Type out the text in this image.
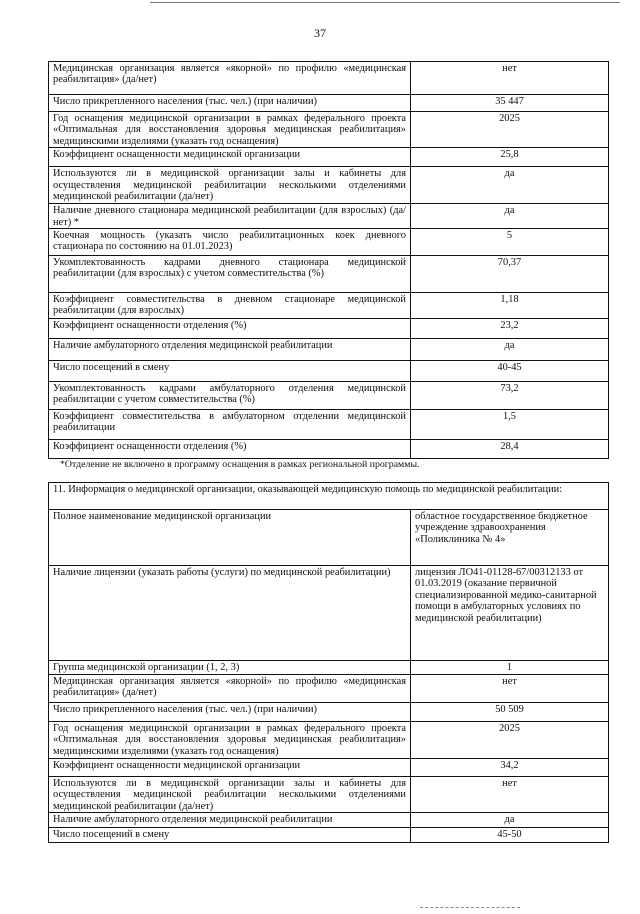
37
Медицинская организация является «якорной» по профилю «медицинская реабилитация» (да/нет)	нет
Число прикрепленного населения (тыс. чел.) (при наличии)	35 447
Год оснащения медицинской организации в рамках федерального проекта «Оптимальная для восстановления здоровья медицинская реабилитация» медицинскими изделиями (указать год оснащения)	2025
Коэффициент оснащенности медицинской организации	25,8
Используются ли в медицинской организации залы и кабинеты для осуществления медицинской реабилитации несколькими отделениями медицинской реабилитации (да/нет)	да
Наличие дневного стационара медицинской реабилитации (для взрослых) (да/нет) *	да
Коечная мощность (указать число реабилитационных коек дневного стационара по состоянию на 01.01.2023)	5
Укомплектованность кадрами дневного стационара медицинской реабилитации (для взрослых) с учетом совместительства (%)	70,37
Коэффициент совместительства в дневном стационаре медицинской реабилитации (для взрослых)	1,18
Коэффициент оснащенности отделения (%)	23,2
Наличие амбулаторного отделения медицинской реабилитации	да
Число посещений в смену	40-45
Укомплектованность кадрами амбулаторного отделения медицинской реабилитации с учетом совместительства (%)	73,2
Коэффициент совместительства в амбулаторном отделении медицинской реабилитации	1,5
Коэффициент оснащенности отделения (%)	28,4
*Отделение не включено в программу оснащения в рамках региональной программы.
11. Информация о медицинской организации, оказывающей медицинскую помощь по медицинской реабилитации:	
Полное наименование медицинской организации	областное государственное бюджетное учреждение здравоохранения «Поликлиника № 4»
Наличие лицензии (указать работы (услуги) по медицинской реабилитации)	лицензия ЛО41-01128-67/00312133 от 01.03.2019 (оказание первичной специализированной медико-санитарной помощи в амбулаторных условиях по медицинской реабилитации)
Группа медицинской организации (1, 2, 3)	1
Медицинская организация является «якорной» по профилю «медицинская реабилитация» (да/нет)	нет
Число прикрепленного населения (тыс. чел.) (при наличии)	50 509
Год оснащения медицинской организации в рамках федерального проекта «Оптимальная для восстановления здоровья медицинская реабилитация» медицинскими изделиями (указать год оснащения)	2025
Коэффициент оснащенности медицинской организации	34,2
Используются ли в медицинской организации залы и кабинеты для осуществления медицинской реабилитации несколькими отделениями медицинской реабилитации (да/нет)	нет
Наличие амбулаторного отделения медицинской реабилитации	да
Число посещений в смену	45-50
